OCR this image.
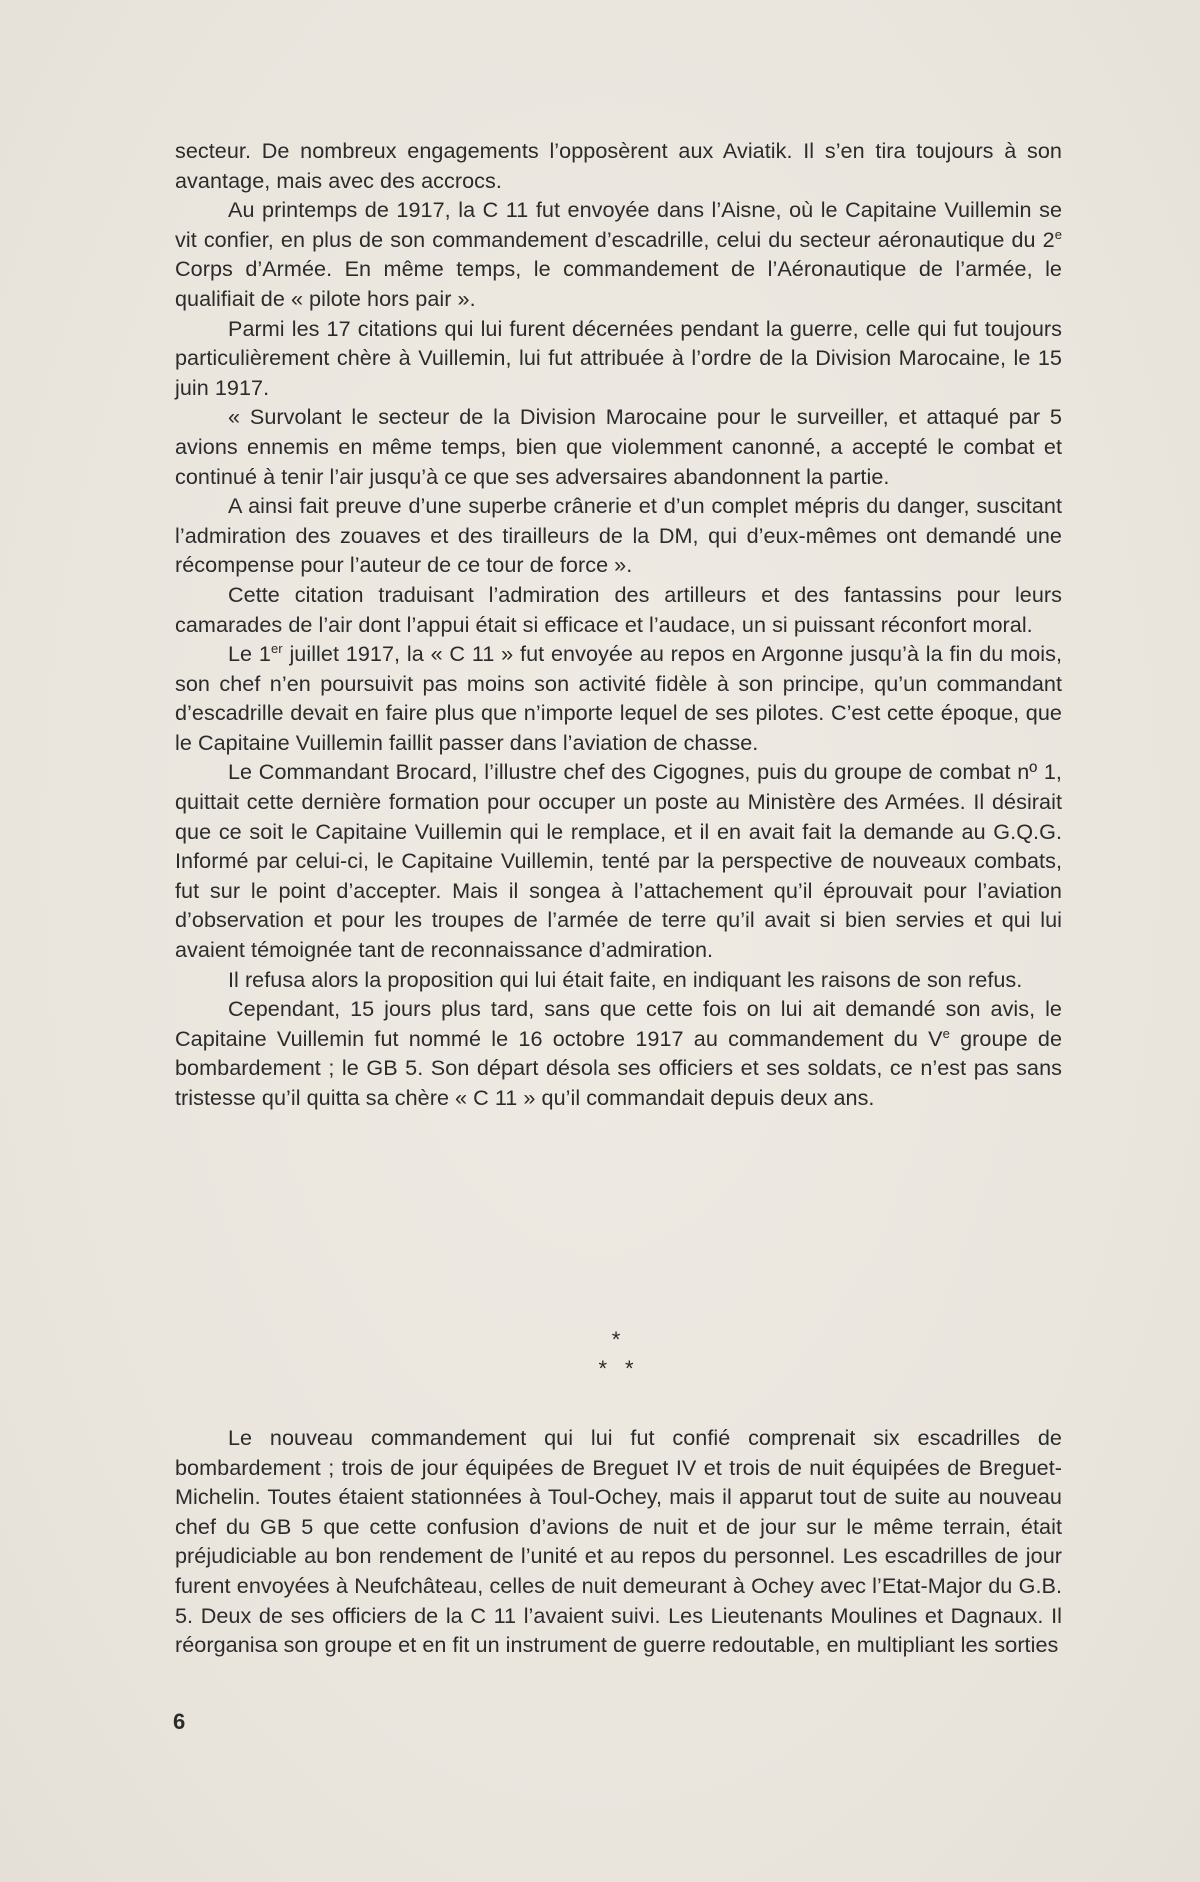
secteur. De nombreux engagements l’opposèrent aux Aviatik. Il s’en tira toujours à son avantage, mais avec des accrocs.

Au printemps de 1917, la C 11 fut envoyée dans l’Aisne, où le Capitaine Vuillemin se vit confier, en plus de son commandement d’escadrille, celui du secteur aéronautique du 2e Corps d’Armée. En même temps, le commandement de l’Aéronautique de l’armée, le qualifiait de « pilote hors pair ».

Parmi les 17 citations qui lui furent décernées pendant la guerre, celle qui fut toujours particulièrement chère à Vuillemin, lui fut attribuée à l’ordre de la Division Marocaine, le 15 juin 1917.

« Survolant le secteur de la Division Marocaine pour le surveiller, et attaqué par 5 avions ennemis en même temps, bien que violemment canonné, a accepté le combat et continué à tenir l’air jusqu’à ce que ses adversaires abandonnent la partie.

A ainsi fait preuve d’une superbe crânerie et d’un complet mépris du danger, suscitant l’admiration des zouaves et des tirailleurs de la DM, qui d’eux-mêmes ont demandé une récompense pour l’auteur de ce tour de force ».

Cette citation traduisant l’admiration des artilleurs et des fantassins pour leurs camarades de l’air dont l’appui était si efficace et l’audace, un si puissant réconfort moral.

Le 1er juillet 1917, la « C 11 » fut envoyée au repos en Argonne jusqu’à la fin du mois, son chef n’en poursuivit pas moins son activité fidèle à son principe, qu’un commandant d’escadrille devait en faire plus que n’importe lequel de ses pilotes. C’est cette époque, que le Capitaine Vuillemin faillit passer dans l’aviation de chasse.

Le Commandant Brocard, l’illustre chef des Cigognes, puis du groupe de combat nº 1, quittait cette dernière formation pour occuper un poste au Ministère des Armées. Il désirait que ce soit le Capitaine Vuillemin qui le remplace, et il en avait fait la demande au G.Q.G. Informé par celui-ci, le Capitaine Vuillemin, tenté par la perspective de nouveaux combats, fut sur le point d’accepter. Mais il songea à l’attachement qu’il éprouvait pour l’aviation d’observation et pour les troupes de l’armée de terre qu’il avait si bien servies et qui lui avaient témoignée tant de reconnaissance d’admiration.

Il refusa alors la proposition qui lui était faite, en indiquant les raisons de son refus.

Cependant, 15 jours plus tard, sans que cette fois on lui ait demandé son avis, le Capitaine Vuillemin fut nommé le 16 octobre 1917 au commandement du Ve groupe de bombardement ; le GB 5. Son départ désola ses officiers et ses soldats, ce n’est pas sans tristesse qu’il quitta sa chère « C 11 » qu’il commandait depuis deux ans.

*
* *

Le nouveau commandement qui lui fut confié comprenait six escadrilles de bombardement ; trois de jour équipées de Breguet IV et trois de nuit équipées de Breguet-Michelin. Toutes étaient stationnées à Toul-Ochey, mais il apparut tout de suite au nouveau chef du GB 5 que cette confusion d’avions de nuit et de jour sur le même terrain, était préjudiciable au bon rendement de l’unité et au repos du personnel. Les escadrilles de jour furent envoyées à Neufchâteau, celles de nuit demeurant à Ochey avec l’Etat-Major du G.B. 5. Deux de ses officiers de la C 11 l’avaient suivi. Les Lieutenants Moulines et Dagnaux. Il réorganisa son groupe et en fit un instrument de guerre redoutable, en multipliant les sorties

6
